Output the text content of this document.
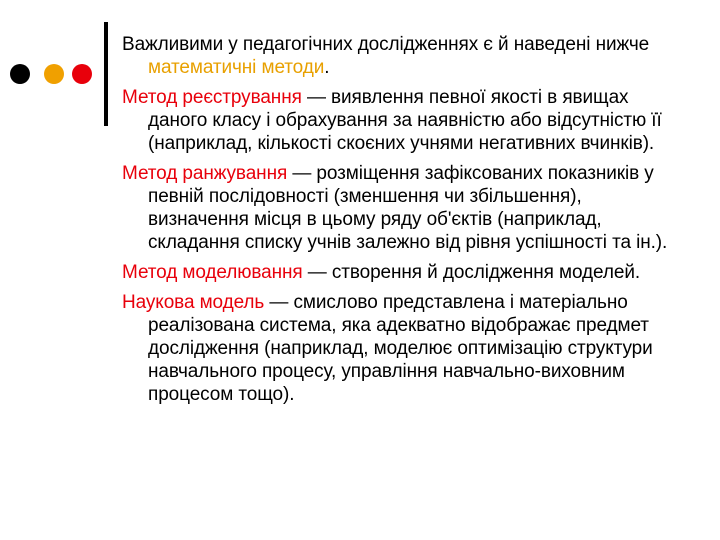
Важливими у педагогічних дослідженнях є й наведені нижче математичні методи.

Метод реєстрування — виявлення певної якості в явищах даного класу і обрахування за наявністю або відсутністю її (наприклад, кількості скоєних учнями негативних вчинків).

Метод ранжування — розміщення зафіксованих показників у певній послідовності (зменшення чи збільшення), визначення місця в цьому ряду об'єктів (наприклад, складання списку учнів залежно від рівня успішності та ін.).

Метод моделювання — створення й дослідження моделей.

Наукова модель — смислово представлена і матеріально реалізована система, яка адекватно відображає предмет дослідження (наприклад, моделює оптимізацію структури навчального процесу, управління навчально-виховним процесом тощо).
